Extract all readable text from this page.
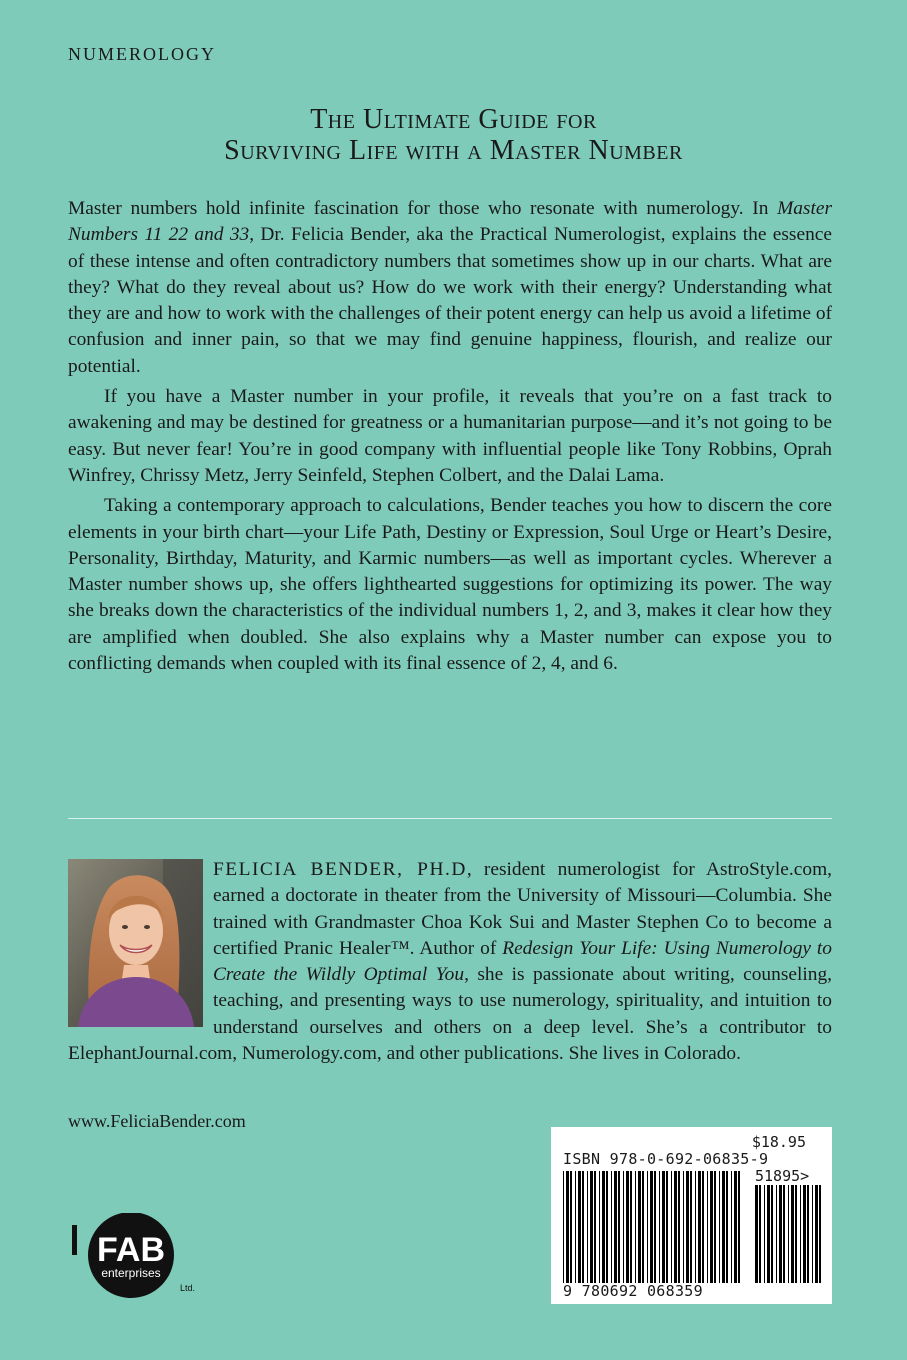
NUMEROLOGY
The Ultimate Guide for
Surviving Life with a Master Number

Master numbers hold infinite fascination for those who resonate with numerology. In Master Numbers 11 22 and 33, Dr. Felicia Bender, aka the Practical Numerologist, explains the essence of these intense and often contradictory numbers that sometimes show up in our charts. What are they? What do they reveal about us? How do we work with their energy? Understanding what they are and how to work with the challenges of their potent energy can help us avoid a lifetime of confusion and inner pain, so that we may find genuine happiness, flourish, and realize our potential.

If you have a Master number in your profile, it reveals that you’re on a fast track to awakening and may be destined for greatness or a humanitarian purpose—and it’s not going to be easy. But never fear! You’re in good company with influential people like Tony Robbins, Oprah Winfrey, Chrissy Metz, Jerry Seinfeld, Stephen Colbert, and the Dalai Lama.

Taking a contemporary approach to calculations, Bender teaches you how to discern the core elements in your birth chart—your Life Path, Destiny or Expression, Soul Urge or Heart’s Desire, Personality, Birthday, Maturity, and Karmic numbers—as well as important cycles. Wherever a Master number shows up, she offers lighthearted suggestions for optimizing its power. The way she breaks down the characteristics of the individual numbers 1, 2, and 3, makes it clear how they are amplified when doubled. She also explains why a Master number can expose you to conflicting demands when coupled with its final essence of 2, 4, and 6.

FELICIA BENDER, PH.D, resident numerologist for AstroStyle.com, earned a doctorate in theater from the University of Missouri—Columbia. She trained with Grandmaster Choa Kok Sui and Master Stephen Co to become a certified Pranic Healer™. Author of Redesign Your Life: Using Numerology to Create the Wildly Optimal You, she is passionate about writing, counseling, teaching, and presenting ways to use numerology, spirituality, and intuition to understand ourselves and others on a deep level. She’s a contributor to ElephantJournal.com, Numerology.com, and other publications. She lives in Colorado.
www.FeliciaBender.com
FAB
enterprises
Ltd.
$18.95
ISBN 978-0-692-06835-9
51895>
9 780692 068359
